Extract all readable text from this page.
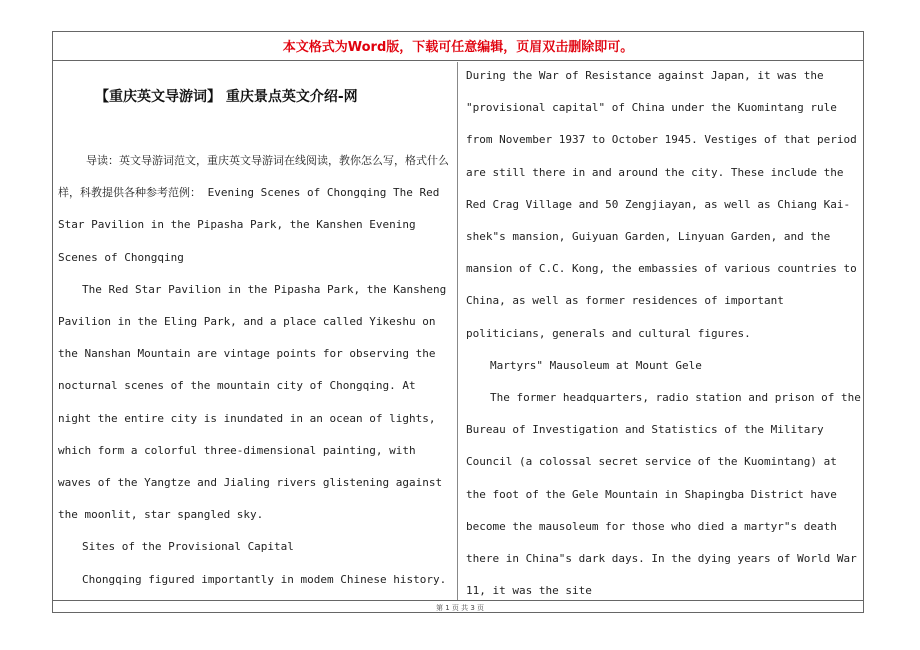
本文格式为Word版，下载可任意编辑，页眉双击删除即可。
【重庆英文导游词】 重庆景点英文介绍-网

导读：英文导游词范文，重庆英文导游词在线阅读，教你怎么写，格式什么样，科教提供各种参考范例： Evening Scenes of Chongqing The Red Star Pavilion in the Pipasha Park, the Kanshen Evening Scenes of Chongqing

The Red Star Pavilion in the Pipasha Park, the Kansheng Pavilion in the Eling Park, and a place called Yikeshu on the Nanshan Mountain are vintage points for observing the nocturnal scenes of the mountain city of Chongqing. At night the entire city is inundated in an ocean of lights, which form a colorful three-dimensional painting, with waves of the Yangtze and Jialing rivers glistening against the moonlit, star spangled sky.

Sites of the Provisional Capital

Chongqing figured importantly in modem Chinese history.

During the War of Resistance against Japan, it was the "provisional capital" of China under the Kuomintang rule from November 1937 to October 1945. Vestiges of that period are still there in and around the city. These include the Red Crag Village and 50 Zengjiayan, as well as Chiang Kai-shek"s mansion, Guiyuan Garden, Linyuan Garden, and the mansion of C.C. Kong, the embassies of various countries to China, as well as former residences of important politicians, generals and cultural figures.

Martyrs" Mausoleum at Mount Gele

The former headquarters, radio station and prison of the Bureau of Investigation and Statistics of the Military Council (a colossal secret service of the Kuomintang) at the foot of the Gele Mountain in Shapingba District have become the mausoleum for those who died a martyr"s death there in China"s dark days. In the dying years of World War 11, it was the site

第 1 页 共 3 页
